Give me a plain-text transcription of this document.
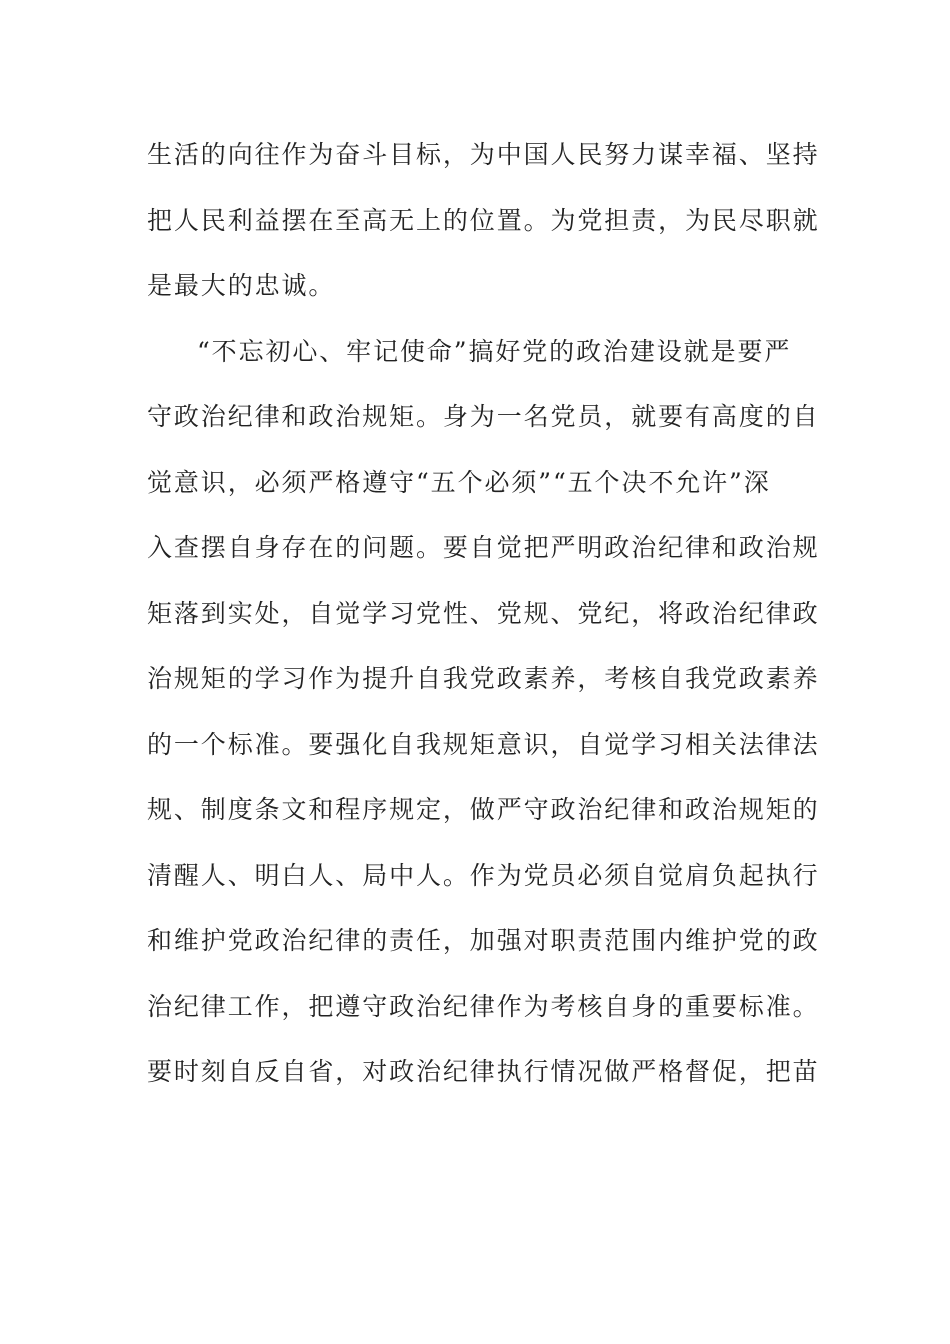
生活的向往作为奋斗目标，为中国人民努力谋幸福、坚持
把人民利益摆在至高无上的位置。为党担责，为民尽职就
是最大的忠诚。
“不忘初心、牢记使命”搞好党的政治建设就是要严
守政治纪律和政治规矩。身为一名党员，就要有高度的自
觉意识，必须严格遵守“五个必须”“五个决不允许”深
入查摆自身存在的问题。要自觉把严明政治纪律和政治规
矩落到实处，自觉学习党性、党规、党纪，将政治纪律政
治规矩的学习作为提升自我党政素养，考核自我党政素养
的一个标准。要强化自我规矩意识，自觉学习相关法律法
规、制度条文和程序规定，做严守政治纪律和政治规矩的
清醒人、明白人、局中人。作为党员必须自觉肩负起执行
和维护党政治纪律的责任，加强对职责范围内维护党的政
治纪律工作，把遵守政治纪律作为考核自身的重要标准。
要时刻自反自省，对政治纪律执行情况做严格督促，把苗
